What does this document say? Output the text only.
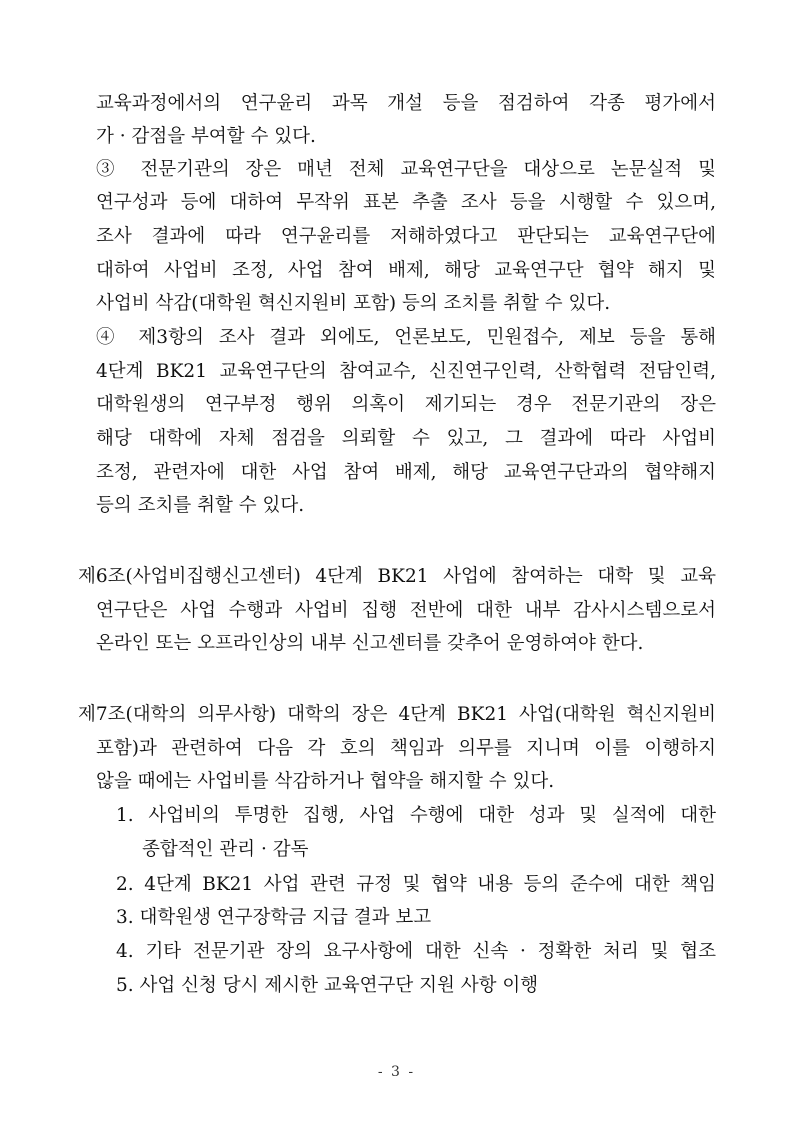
교육과정에서의 연구윤리 과목 개설 등을 점검하여 각종 평가에서
가 · 감점을 부여할 수 있다.
③ 전문기관의 장은 매년 전체 교육연구단을 대상으로 논문실적 및
연구성과 등에 대하여 무작위 표본 추출 조사 등을 시행할 수 있으며,
조사 결과에 따라 연구윤리를 저해하였다고 판단되는 교육연구단에
대하여 사업비 조정, 사업 참여 배제, 해당 교육연구단 협약 해지 및
사업비 삭감(대학원 혁신지원비 포함) 등의 조치를 취할 수 있다.
④ 제3항의 조사 결과 외에도, 언론보도, 민원접수, 제보 등을 통해
4단계 BK21 교육연구단의 참여교수, 신진연구인력, 산학협력 전담인력,
대학원생의 연구부정 행위 의혹이 제기되는 경우 전문기관의 장은
해당 대학에 자체 점검을 의뢰할 수 있고, 그 결과에 따라 사업비
조정, 관련자에 대한 사업 참여 배제, 해당 교육연구단과의 협약해지
등의 조치를 취할 수 있다.
제6조(사업비집행신고센터) 4단계 BK21 사업에 참여하는 대학 및 교육
연구단은 사업 수행과 사업비 집행 전반에 대한 내부 감사시스템으로서
온라인 또는 오프라인상의 내부 신고센터를 갖추어 운영하여야 한다.
제7조(대학의 의무사항) 대학의 장은 4단계 BK21 사업(대학원 혁신지원비
포함)과 관련하여 다음 각 호의 책임과 의무를 지니며 이를 이행하지
않을 때에는 사업비를 삭감하거나 협약을 해지할 수 있다.
1. 사업비의 투명한 집행, 사업 수행에 대한 성과 및 실적에 대한
종합적인 관리 · 감독
2. 4단계 BK21 사업 관련 규정 및 협약 내용 등의 준수에 대한 책임
3. 대학원생 연구장학금 지급 결과 보고
4. 기타 전문기관 장의 요구사항에 대한 신속 · 정확한 처리 및 협조
5. 사업 신청 당시 제시한 교육연구단 지원 사항 이행
- 3 -
